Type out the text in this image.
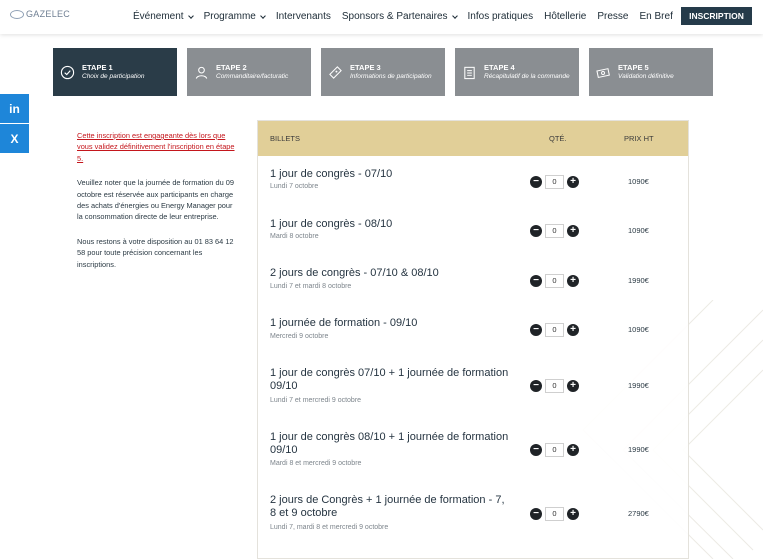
GAZELEC	Événement Programme Intervenants Sponsors & Partenaires Infos pratiques Hôtellerie Presse En Bref	INSCRIPTION
ETAPE 1
Choix de participation
ETAPE 2
Commanditaire/facturatic
ETAPE 3
Informations de participation
ETAPE 4
Récapitulatif de la commande
ETAPE 5
Validation définitive
in
X	Cette inscription est engageante dès lors que vous validez définitivement l'inscription en étape 5.

Veuillez noter que la journée de formation du 09 octobre est réservée aux participants en charge des achats d'énergies ou Energy Manager pour la consommation directe de leur entreprise.

Nous restons à votre disposition au 01 83 64 12 58 pour toute précision concernant les inscriptions.

BILLETS	QTÉ.	PRIX HT
1 jour de congrès - 07/10
Lundi 7 octobre	−	0	+	1090€
1 jour de congrès - 08/10
Mardi 8 octobre
−	0	+	1090€
2 jours de congrès - 07/10 & 08/10
Lundi 7 et mardi 8 octobre
−	0	+	1990€
1 journée de formation - 09/10
Mercredi 9 octobre
−	0	+	1090€
1 jour de congrès 07/10 + 1 journée de formation 09/10
Lundi 7 et mercredi 9 octobre
−	0	+	1990€
1 jour de congrès 08/10 + 1 journée de formation 09/10
Mardi 8 et mercredi 9 octobre
−	0	+	1990€
2 jours de Congrès + 1 journée de formation - 7, 8 et 9 octobre
Lundi 7, mardi 8 et mercredi 9 octobre
−	0	+	2790€
